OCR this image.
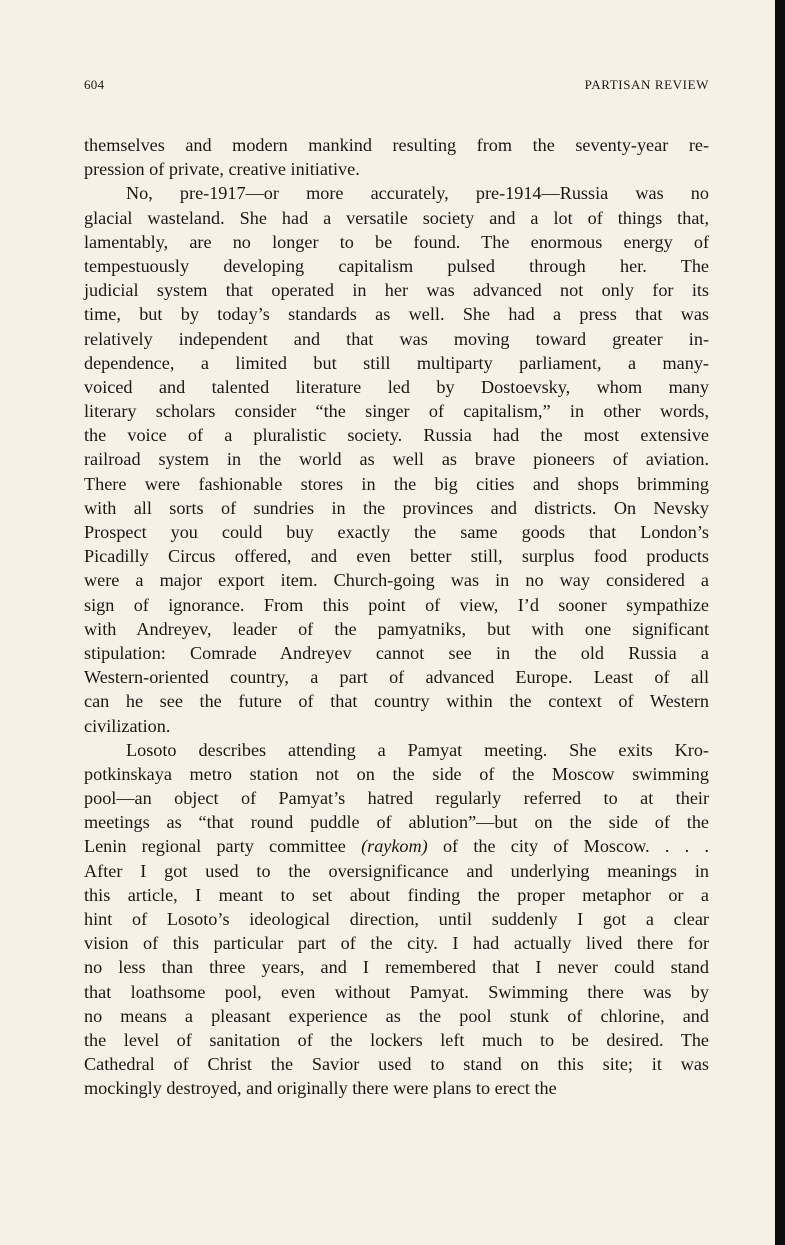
604	PARTISAN REVIEW
themselves and modern mankind resulting from the seventy-year re-
pression of private, creative initiative.
No, pre-1917—or more accurately, pre-1914—Russia was no
glacial wasteland. She had a versatile society and a lot of things that,
lamentably, are no longer to be found. The enormous energy of
tempestuously developing capitalism pulsed through her. The
judicial system that operated in her was advanced not only for its
time, but by today’s standards as well. She had a press that was
relatively independent and that was moving toward greater in-
dependence, a limited but still multiparty parliament, a many-
voiced and talented literature led by Dostoevsky, whom many
literary scholars consider “the singer of capitalism,” in other words,
the voice of a pluralistic society. Russia had the most extensive
railroad system in the world as well as brave pioneers of aviation.
There were fashionable stores in the big cities and shops brimming
with all sorts of sundries in the provinces and districts. On Nevsky
Prospect you could buy exactly the same goods that London’s
Picadilly Circus offered, and even better still, surplus food products
were a major export item. Church-going was in no way considered a
sign of ignorance. From this point of view, I’d sooner sympathize
with Andreyev, leader of the pamyatniks, but with one significant
stipulation: Comrade Andreyev cannot see in the old Russia a
Western-oriented country, a part of advanced Europe. Least of all
can he see the future of that country within the context of Western
civilization.
Losoto describes attending a Pamyat meeting. She exits Kro-
potkinskaya metro station not on the side of the Moscow swimming
pool—an object of Pamyat’s hatred regularly referred to at their
meetings as “that round puddle of ablution”—but on the side of the
Lenin regional party committee (raykom) of the city of Moscow. . . .
After I got used to the oversignificance and underlying meanings in
this article, I meant to set about finding the proper metaphor or a
hint of Losoto’s ideological direction, until suddenly I got a clear
vision of this particular part of the city. I had actually lived there for
no less than three years, and I remembered that I never could stand
that loathsome pool, even without Pamyat. Swimming there was by
no means a pleasant experience as the pool stunk of chlorine, and
the level of sanitation of the lockers left much to be desired. The
Cathedral of Christ the Savior used to stand on this site; it was
mockingly destroyed, and originally there were plans to erect the
